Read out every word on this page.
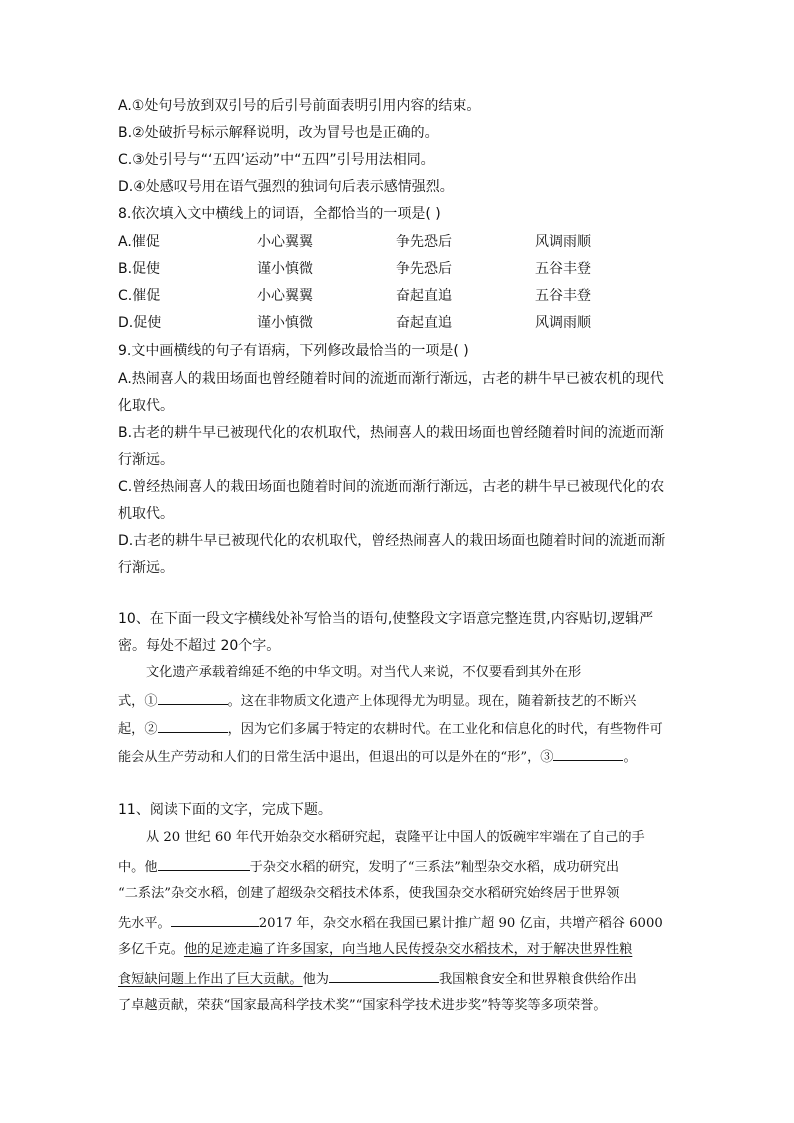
A.①处句号放到双引号的后引号前面表明引用内容的结束。
B.②处破折号标示解释说明，改为冒号也是正确的。
C.③处引号与“‘五四’运动”中“五四”引号用法相同。
D.④处感叹号用在语气强烈的独词句后表示感情强烈。
8.依次填入文中横线上的词语，全都恰当的一项是( )
A.催促	小心翼翼	争先恐后	风调雨顺
B.促使	谨小慎微	争先恐后	五谷丰登
C.催促	小心翼翼	奋起直追	五谷丰登
D.促使	谨小慎微	奋起直追	风调雨顺
9.文中画横线的句子有语病，下列修改最恰当的一项是( )
A.热闹喜人的栽田场面也曾经随着时间的流逝而渐行渐远，古老的耕牛早已被农机的现代
化取代。
B.古老的耕牛早已被现代化的农机取代，热闹喜人的栽田场面也曾经随着时间的流逝而渐
行渐远。
C.曾经热闹喜人的栽田场面也随着时间的流逝而渐行渐远，古老的耕牛早已被现代化的农
机取代。
D.古老的耕牛早已被现代化的农机取代，曾经热闹喜人的栽田场面也随着时间的流逝而渐
行渐远。
10、在下面一段文字横线处补写恰当的语句,使整段文字语意完整连贯,内容贴切,逻辑严
密。每处不超过 20个字。
文化遗产承载着绵延不绝的中华文明。对当代人来说，不仅要看到其外在形
式，①	。这在非物质文化遗产上体现得尤为明显。现在，随着新技艺的不断兴
起，②	，因为它们多属于特定的农耕时代。在工业化和信息化的时代，有些物件可
能会从生产劳动和人们的日常生活中退出，但退出的可以是外在的“形”，③	。
11、阅读下面的文字，完成下题。
从 20 世纪 60 年代开始杂交水稻研究起，袁隆平让中国人的饭碗牢牢端在了自己的手
中。他	于杂交水稻的研究，发明了“三系法”籼型杂交水稻，成功研究出
“二系法”杂交水稻，创建了超级杂交稻技术体系，使我国杂交水稻研究始终居于世界领
先水平。	2017 年，杂交水稻在我国已累计推广超 90 亿亩，共增产稻谷 6000
多亿千克。他的足迹走遍了许多国家，向当地人民传授杂交水稻技术，对于解决世界性粮
食短缺问题上作出了巨大贡献。他为	我国粮食安全和世界粮食供给作出
了卓越贡献，荣获“国家最高科学技术奖”“国家科学技术进步奖”特等奖等多项荣誉。
